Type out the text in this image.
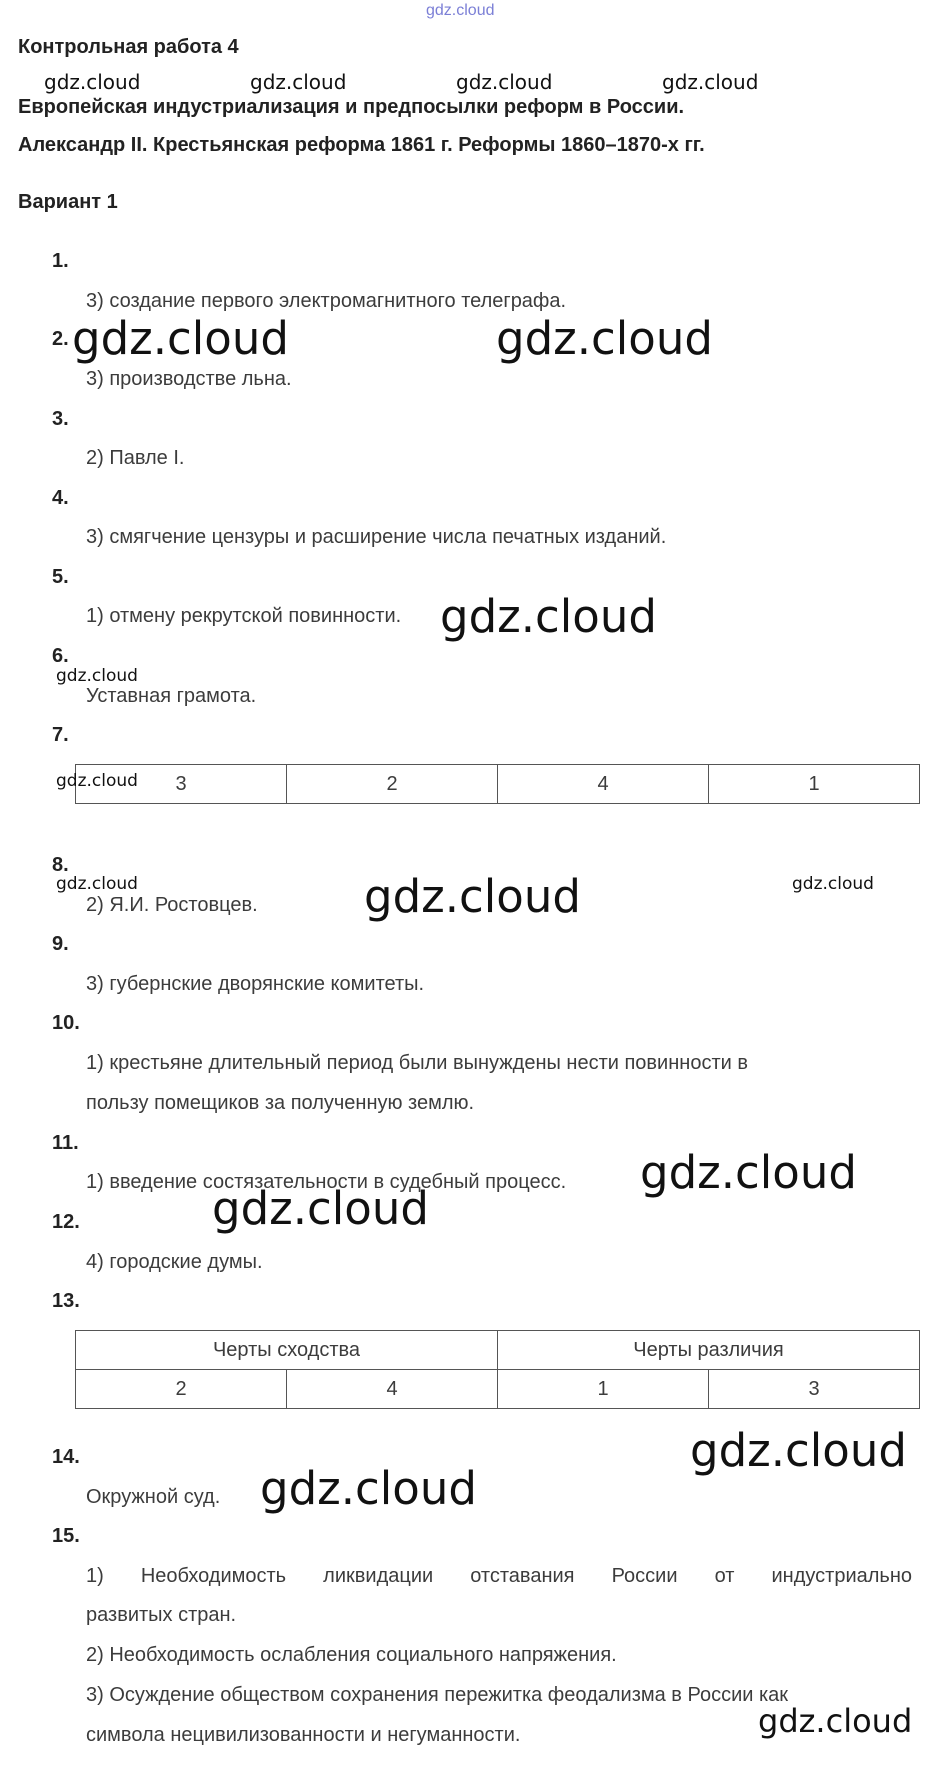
gdz.cloud
Контрольная работа 4
gdz.cloud	gdz.cloud	gdz.cloud	gdz.cloud
Европейская индустриализация и предпосылки реформ в России.
Александр II. Крестьянская реформа 1861 г. Реформы 1860–1870-х гг.
Вариант 1
1.
3) создание первого электромагнитного телеграфа.
2. gdz.cloud	gdz.cloud
3) производстве льна.
3.
2) Павле I.
4.
3) смягчение цензуры и расширение числа печатных изданий.
5.
1) отмену рекрутской повинности. gdz.cloud
6.
gdz.cloud
Уставная грамота.
7.
3	2	4	1
gdz.cloud
8.
gdz.cloud	gdz.cloud
2) Я.И. Ростовцев. gdz.cloud
9.
3) губернские дворянские комитеты.
10.
1) крестьяне длительный период были вынуждены нести повинности в
пользу помещиков за полученную землю.
11.
1) введение состязательности в судебный процесс. gdz.cloud
12.	gdz.cloud
4) городские думы.
13.
Черты сходства		Черты различия	
2	4	1	3
14.	gdz.cloud
Окружной суд. gdz.cloud
15.
1) Необходимость ликвидации отставания России от индустриально
развитых стран.
2) Необходимость ослабления социального напряжения.
3) Осуждение обществом сохранения пережитка феодализма в России как
символа нецивилизованности и негуманности.	gdz.cloud
